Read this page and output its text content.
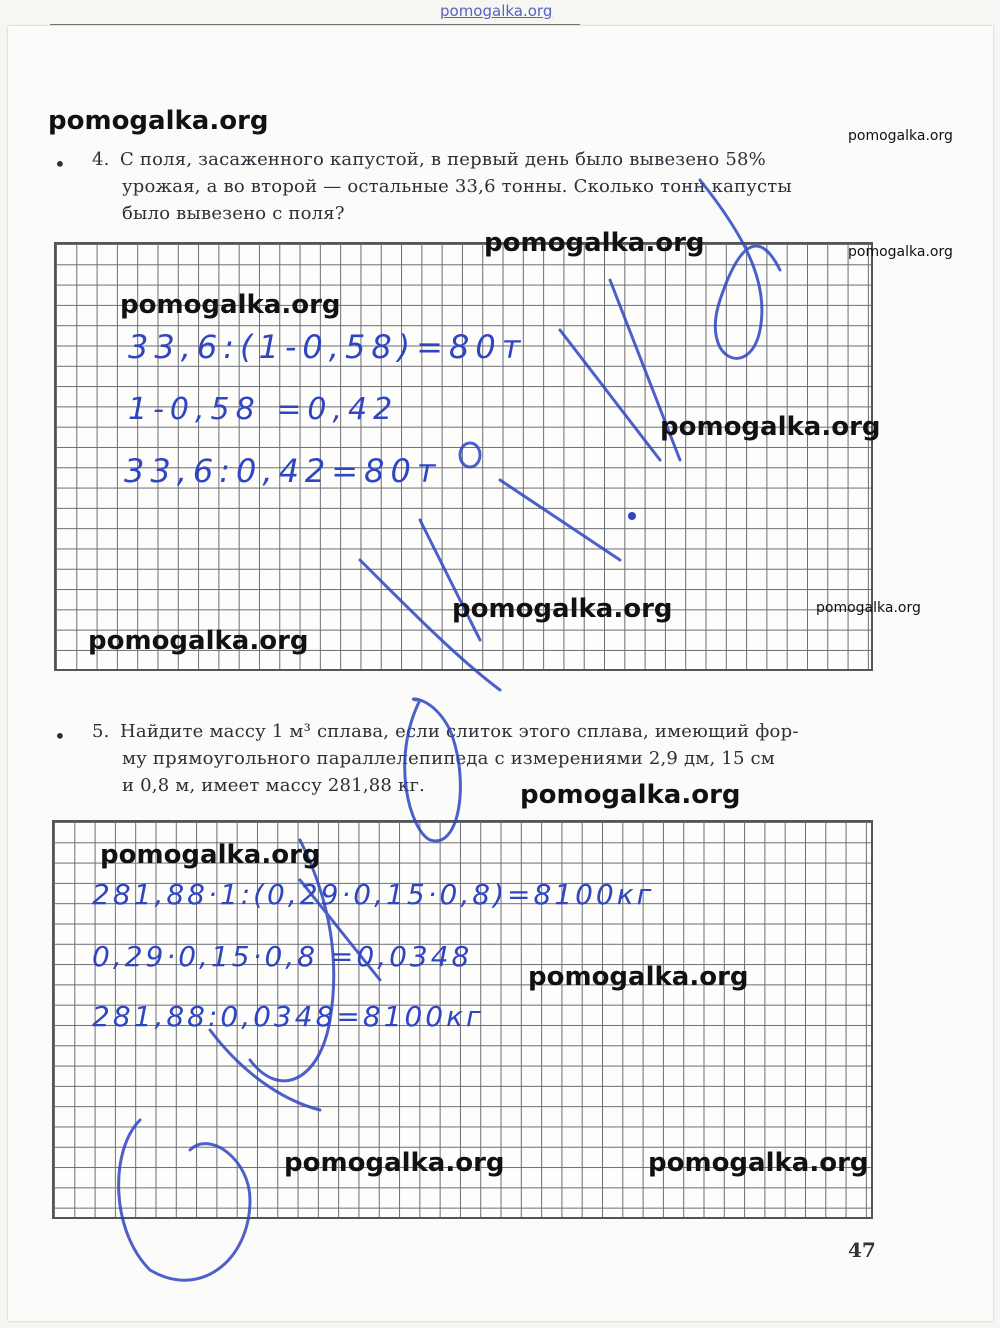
pomogalka.org
• 4. С поля, засаженного капустой, в первый день было вывезено 58%
урожая, а во второй — остальные 33,6 тонны. Сколько тонн капусты
было вывезено с поля?
33,6:(1-0,58)=80т
1-0,58 =0,42
33,6:0,42=80т
• 5. Найдите массу 1 м³ сплава, если слиток этого сплава, имеющий фор-
му прямоугольного параллелепипеда с измерениями 2,9 дм, 15 см
и 0,8 м, имеет массу 281,88 кг.
281,88·1:(0,29·0,15·0,8)=8100кг
0,29·0,15·0,8 =0,0348
281,88:0,0348=8100кг
pomogalka.org
pomogalka.org
pomogalka.org
pomogalka.org
pomogalka.org
pomogalka.org
pomogalka.org
pomogalka.org
pomogalka.org
pomogalka.org	pomogalka.org
pomogalka.org
pomogalka.org
pomogalka.org
47
